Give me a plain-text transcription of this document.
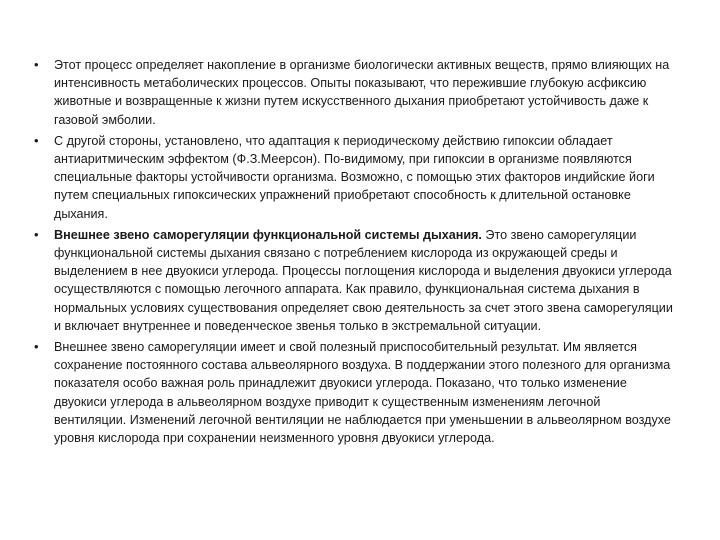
• Этот процесс определяет накопление в организме биологически активных веществ, прямо влияющих на интенсивность метаболических процессов. Опыты показывают, что пережившие глубокую асфиксию животные и возвращенные к жизни путем искусственного дыхания приобретают устойчивость даже к газовой эмболии.
• С другой стороны, установлено, что адаптация к периодическому действию гипоксии обладает антиаритмическим эффектом (Ф.З.Меерсон). По-видимому, при гипоксии в организме появляются специальные факторы устойчивости организма. Возможно, с помощью этих факторов индийские йоги путем специальных гипоксических упражнений приобретают способность к длительной остановке дыхания.
• Внешнее звено саморегуляции функциональной системы дыхания. Это звено саморегуляции функциональной системы дыхания связано с потреблением кислорода из окружающей среды и выделением в нее двуокиси углерода. Процессы поглощения кислорода и выделения двуокиси углерода осуществляются с помощью легочного аппарата. Как правило, функциональная система дыхания в нормальных условиях существования определяет свою деятельность за счет этого звена саморегуляции и включает внутреннее и поведенческое звенья только в экстремальной ситуации.
• Внешнее звено саморегуляции имеет и свой полезный приспособительный результат. Им является сохранение постоянного состава альвеолярного воздуха. В поддержании этого полезного для организма показателя особо важная роль принадлежит двуокиси углерода. Показано, что только изменение двуокиси углерода в альвеолярном воздухе приводит к существенным изменениям легочной вентиляции. Изменений легочной вентиляции не наблюдается при уменьшении в альвеолярном воздухе уровня кислорода при сохранении неизменного уровня двуокиси углерода.
